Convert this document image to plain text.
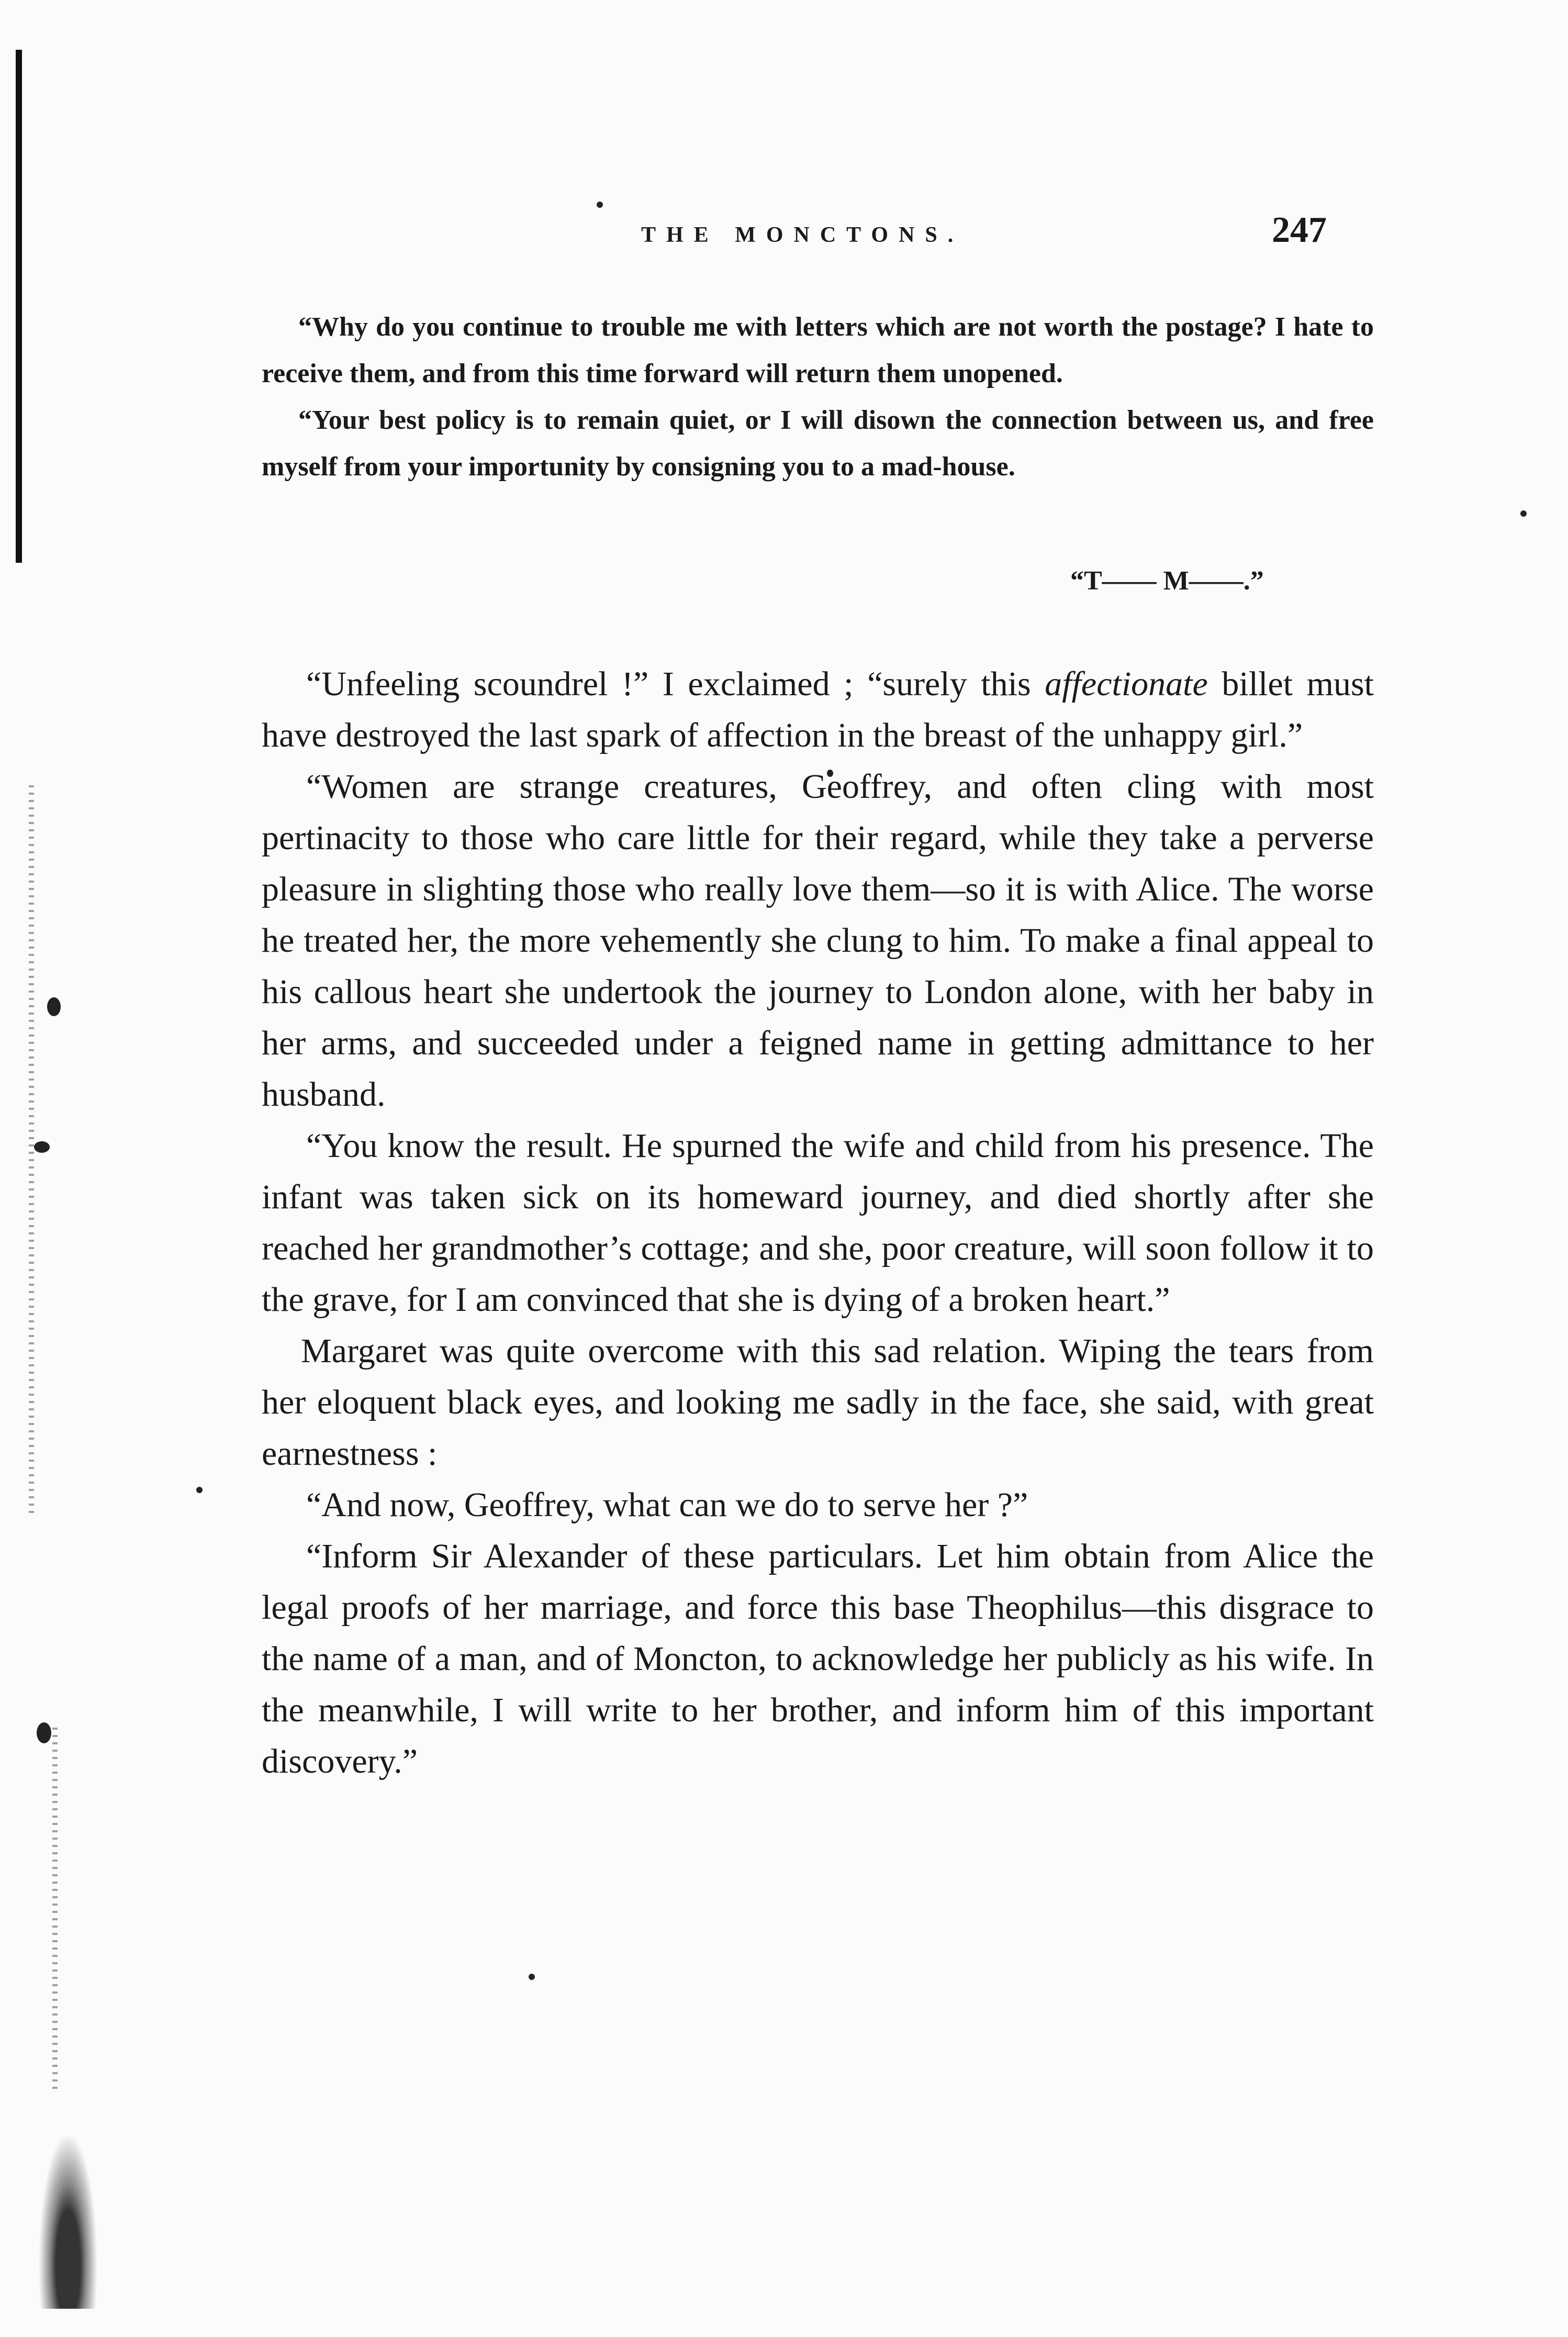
THE MONCTONS.	247

“Why do you continue to trouble me with letters which are not worth the postage? I hate to receive them, and from this time forward will return them unopened.

“Your best policy is to remain quiet, or I will disown the connection between us, and free myself from your importunity by consigning you to a mad-house.

“T—— M——.”

“Unfeeling scoundrel !” I exclaimed ; “surely this affectionate billet must have destroyed the last spark of affection in the breast of the unhappy girl.”

“Women are strange creatures, Geoffrey, and often cling with most pertinacity to those who care little for their regard, while they take a perverse pleasure in slighting those who really love them—so it is with Alice. The worse he treated her, the more vehemently she clung to him. To make a final appeal to his callous heart she undertook the journey to London alone, with her baby in her arms, and succeeded under a feigned name in getting admittance to her husband.

“You know the result. He spurned the wife and child from his presence. The infant was taken sick on its homeward journey, and died shortly after she reached her grandmother’s cottage; and she, poor creature, will soon follow it to the grave, for I am convinced that she is dying of a broken heart.”

Margaret was quite overcome with this sad relation. Wiping the tears from her eloquent black eyes, and looking me sadly in the face, she said, with great earnestness :

“And now, Geoffrey, what can we do to serve her ?”

“Inform Sir Alexander of these particulars. Let him obtain from Alice the legal proofs of her marriage, and force this base Theophilus—this disgrace to the name of a man, and of Moncton, to acknowledge her publicly as his wife. In the meanwhile, I will write to her brother, and inform him of this important discovery.”
